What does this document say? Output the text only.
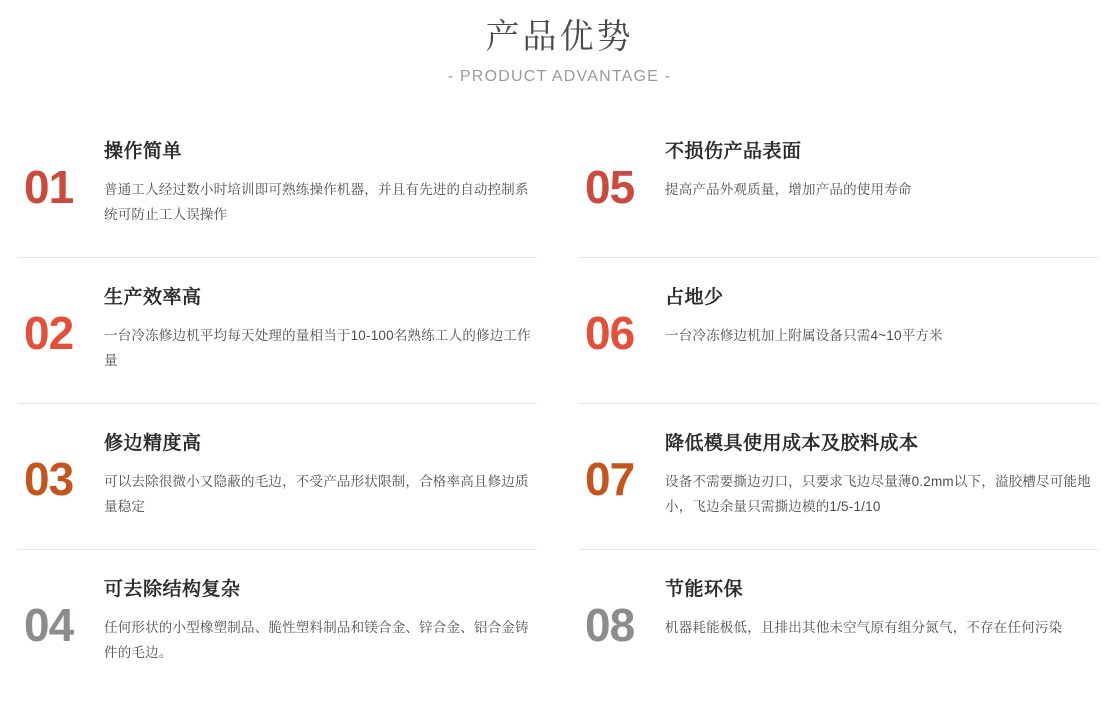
产品优势
- PRODUCT ADVANTAGE -
01
操作简单
普通工人经过数小时培训即可熟练操作机器，并且有先进的自动控制系统可防止工人误操作
02
生产效率高
一台冷冻修边机平均每天处理的量相当于10-100名熟练工人的修边工作量
03
修边精度高
可以去除很微小又隐蔽的毛边，不受产品形状限制，合格率高且修边质量稳定
04
可去除结构复杂
任何形状的小型橡塑制品、脆性塑料制品和镁合金、锌合金、铝合金铸件的毛边。
05
不损伤产品表面
提高产品外观质量，增加产品的使用寿命
06
占地少
一台冷冻修边机加上附属设备只需4~10平方米
07
降低模具使用成本及胶料成本
设备不需要撕边刃口，只要求飞边尽量薄0.2mm以下，溢胶槽尽可能地小，飞边余量只需撕边模的1/5-1/10
08
节能环保
机器耗能极低，且排出其他未空气原有组分氮气，不存在任何污染
